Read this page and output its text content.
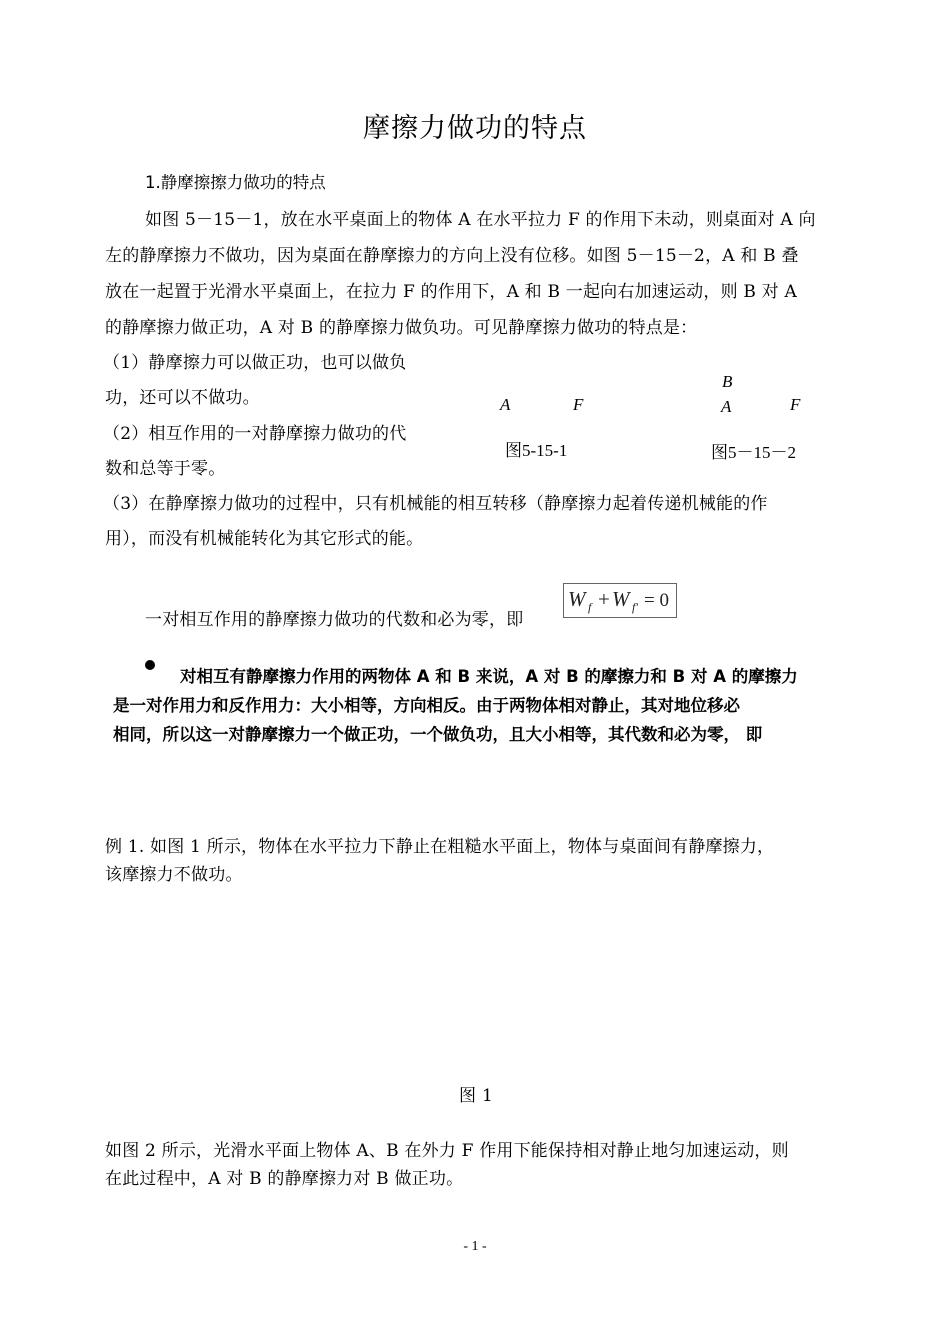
摩擦力做功的特点
1.静摩擦擦力做功的特点
如图 5－15－1，放在水平桌面上的物体 A 在水平拉力 F 的作用下未动，则桌面对 A 向
左的静摩擦力不做功，因为桌面在静摩擦力的方向上没有位移。如图 5－15－2，A 和 B 叠
放在一起置于光滑水平桌面上，在拉力 F 的作用下，A 和 B 一起向右加速运动，则 B 对 A
的静摩擦力做正功，A 对 B 的静摩擦力做负功。可见静摩擦力做功的特点是：
（1）静摩擦力可以做正功，也可以做负
功，还可以不做功。
（2）相互作用的一对静摩擦力做功的代
数和总等于零。
A	F
图5-15-1
B
A	F
图5－15－2
（3）在静摩擦力做功的过程中，只有机械能的相互转移（静摩擦力起着传递机械能的作
用），而没有机械能转化为其它形式的能。
一对相互作用的静摩擦力做功的代数和必为零，即
W f + W f' = 0
对相互有静摩擦力作用的两物体 A 和 B 来说，A 对 B 的摩擦力和 B 对 A 的摩擦力
是一对作用力和反作用力：大小相等，方向相反。由于两物体相对静止，其对地位移必
相同，所以这一对静摩擦力一个做正功，一个做负功，且大小相等，其代数和必为零， 即
例 1. 如图 1 所示，物体在水平拉力下静止在粗糙水平面上，物体与桌面间有静摩擦力，
该摩擦力不做功。
图 1
如图 2 所示，光滑水平面上物体 A、B 在外力 F 作用下能保持相对静止地匀加速运动，则
在此过程中，A 对 B 的静摩擦力对 B 做正功。
- 1 -
